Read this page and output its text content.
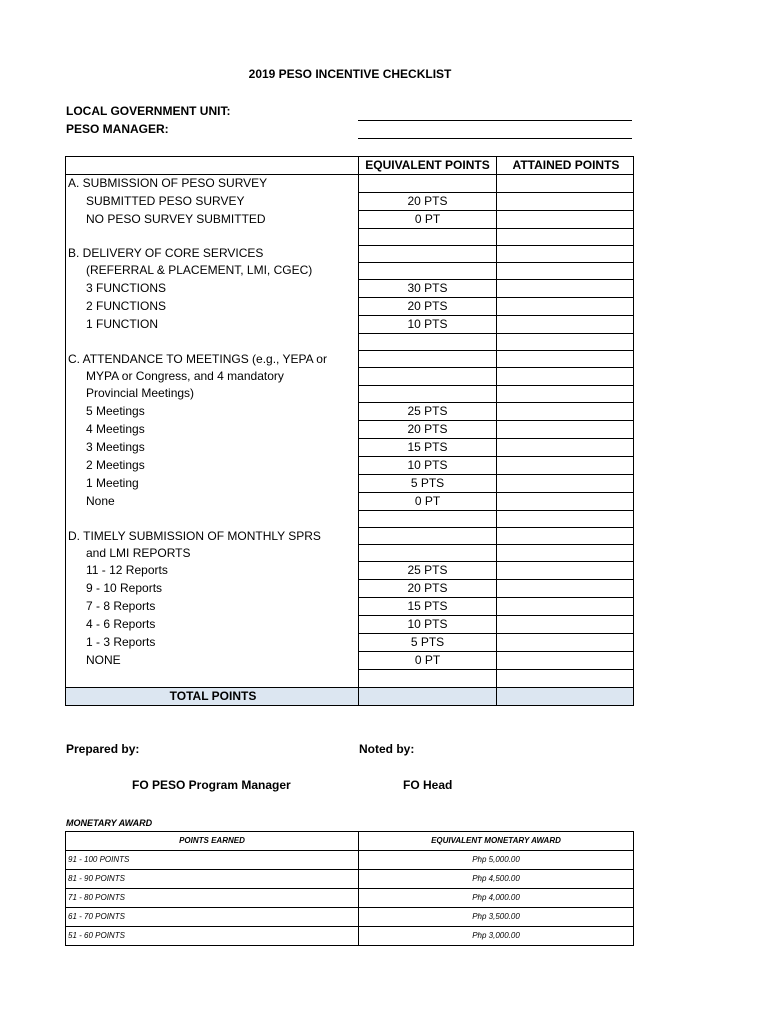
2019 PESO INCENTIVE CHECKLIST
LOCAL GOVERNMENT UNIT:
PESO MANAGER:
	EQUIVALENT POINTS	ATTAINED POINTS
A. SUBMISSION OF PESO SURVEY		
SUBMITTED PESO SURVEY	20 PTS	
NO PESO SURVEY SUBMITTED	0 PT	

B. DELIVERY OF CORE SERVICES		
(REFERRAL & PLACEMENT, LMI, CGEC)		
3 FUNCTIONS	30 PTS	
2 FUNCTIONS	20 PTS	
1 FUNCTION	10 PTS	

C. ATTENDANCE TO MEETINGS (e.g., YEPA or		
MYPA or Congress, and 4 mandatory		
Provincial Meetings)		
5 Meetings	25 PTS	
4 Meetings	20 PTS	
3 Meetings	15 PTS	
2 Meetings	10 PTS	
1 Meeting	5 PTS	
None	0 PT	

D. TIMELY SUBMISSION OF MONTHLY SPRS		
and LMI REPORTS		
11 - 12 Reports	25 PTS	
9 - 10 Reports	20 PTS	
7 - 8 Reports	15 PTS	
4 - 6 Reports	10 PTS	
1 - 3 Reports	5 PTS	
NONE	0 PT	

TOTAL POINTS		
Prepared by:	Noted by:
FO PESO Program Manager	FO Head
MONETARY AWARD
POINTS EARNED	EQUIVALENT MONETARY AWARD
91 - 100 POINTS	Php 5,000.00
81 - 90 POINTS	Php 4,500.00
71 - 80 POINTS	Php 4,000.00
61 - 70 POINTS	Php 3,500.00
51 - 60 POINTS	Php 3,000.00
